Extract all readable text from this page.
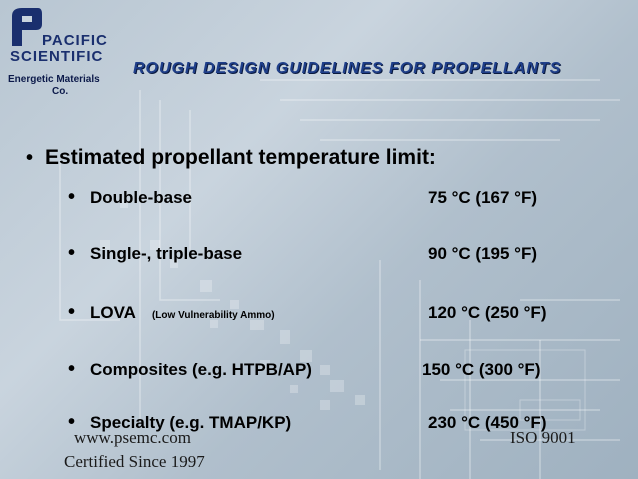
PACIFIC
SCIENTIFIC
Energetic Materials
Co.
ROUGH DESIGN GUIDELINES FOR PROPELLANTS
• Estimated propellant temperature limit:
• Double-base	75 °C (167 °F)
• Single-, triple-base	90 °C (195 °F)
• LOVA (Low Vulnerability Ammo)	120 °C (250 °F)
• Composites (e.g. HTPB/AP)	150 °C (300 °F)
• Specialty (e.g. TMAP/KP)	230 °C (450 °F)
www.psemc.com	ISO 9001
Certified Since 1997
